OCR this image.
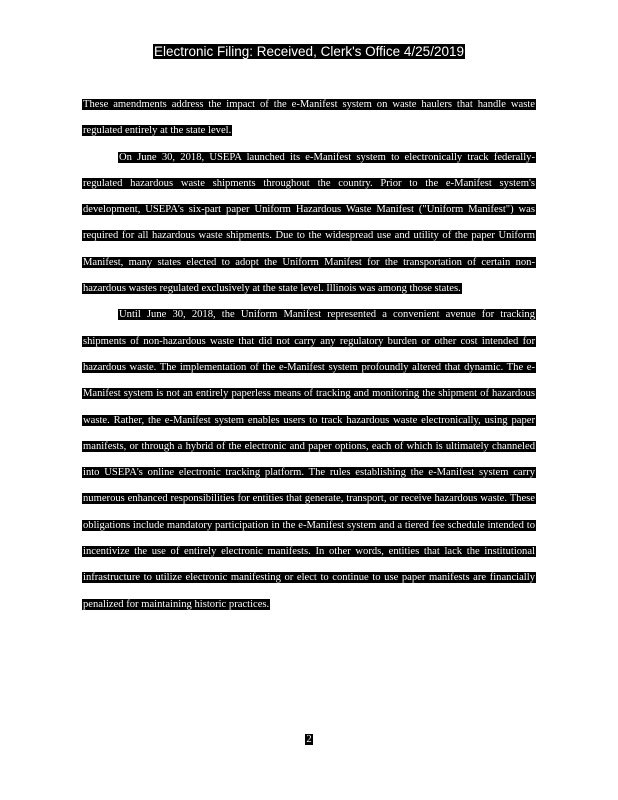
Electronic Filing: Received, Clerk's Office 4/25/2019

These amendments address the impact of the e-Manifest system on waste haulers that handle waste regulated entirely at the state level.

On June 30, 2018, USEPA launched its e-Manifest system to electronically track federally-regulated hazardous waste shipments throughout the country. Prior to the e-Manifest system's development, USEPA's six-part paper Uniform Hazardous Waste Manifest ("Uniform Manifest") was required for all hazardous waste shipments. Due to the widespread use and utility of the paper Uniform Manifest, many states elected to adopt the Uniform Manifest for the transportation of certain non-hazardous wastes regulated exclusively at the state level. Illinois was among those states.

Until June 30, 2018, the Uniform Manifest represented a convenient avenue for tracking shipments of non-hazardous waste that did not carry any regulatory burden or other cost intended for hazardous waste. The implementation of the e-Manifest system profoundly altered that dynamic. The e-Manifest system is not an entirely paperless means of tracking and monitoring the shipment of hazardous waste. Rather, the e-Manifest system enables users to track hazardous waste electronically, using paper manifests, or through a hybrid of the electronic and paper options, each of which is ultimately channeled into USEPA's online electronic tracking platform. The rules establishing the e-Manifest system carry numerous enhanced responsibilities for entities that generate, transport, or receive hazardous waste. These obligations include mandatory participation in the e-Manifest system and a tiered fee schedule intended to incentivize the use of entirely electronic manifests. In other words, entities that lack the institutional infrastructure to utilize electronic manifesting or elect to continue to use paper manifests are financially penalized for maintaining historic practices.

2
